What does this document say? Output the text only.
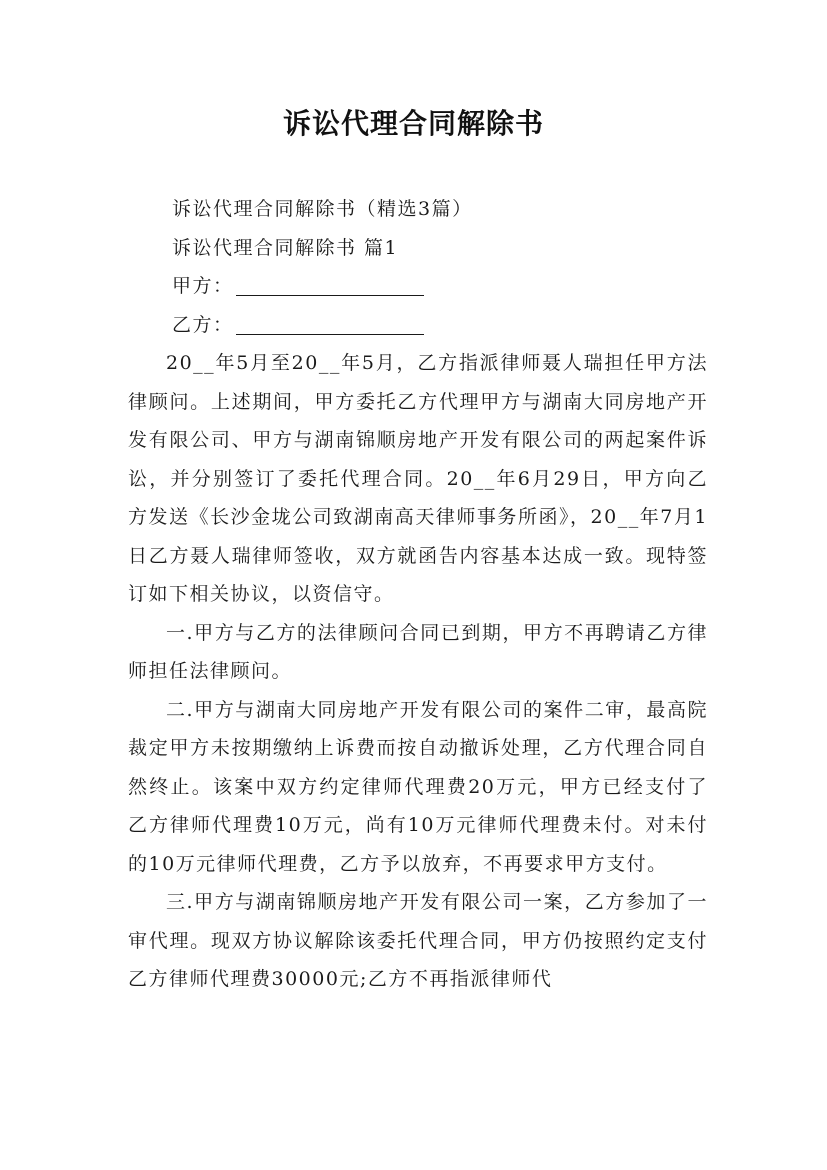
诉讼代理合同解除书

诉讼代理合同解除书（精选3篇）

诉讼代理合同解除书 篇1

甲方：

乙方：

20__年5月至20__年5月，乙方指派律师聂人瑞担任甲方法律顾问。上述期间，甲方委托乙方代理甲方与湖南大同房地产开发有限公司、甲方与湖南锦顺房地产开发有限公司的两起案件诉讼，并分别签订了委托代理合同。20__年6月29日，甲方向乙方发送《长沙金垅公司致湖南高天律师事务所函》，20__年7月1日乙方聂人瑞律师签收，双方就函告内容基本达成一致。现特签订如下相关协议，以资信守。

一.甲方与乙方的法律顾问合同已到期，甲方不再聘请乙方律师担任法律顾问。

二.甲方与湖南大同房地产开发有限公司的案件二审，最高院裁定甲方未按期缴纳上诉费而按自动撤诉处理，乙方代理合同自然终止。该案中双方约定律师代理费20万元，甲方已经支付了乙方律师代理费10万元，尚有10万元律师代理费未付。对未付的10万元律师代理费，乙方予以放弃，不再要求甲方支付。

三.甲方与湖南锦顺房地产开发有限公司一案，乙方参加了一审代理。现双方协议解除该委托代理合同，甲方仍按照约定支付乙方律师代理费30000元;乙方不再指派律师代
